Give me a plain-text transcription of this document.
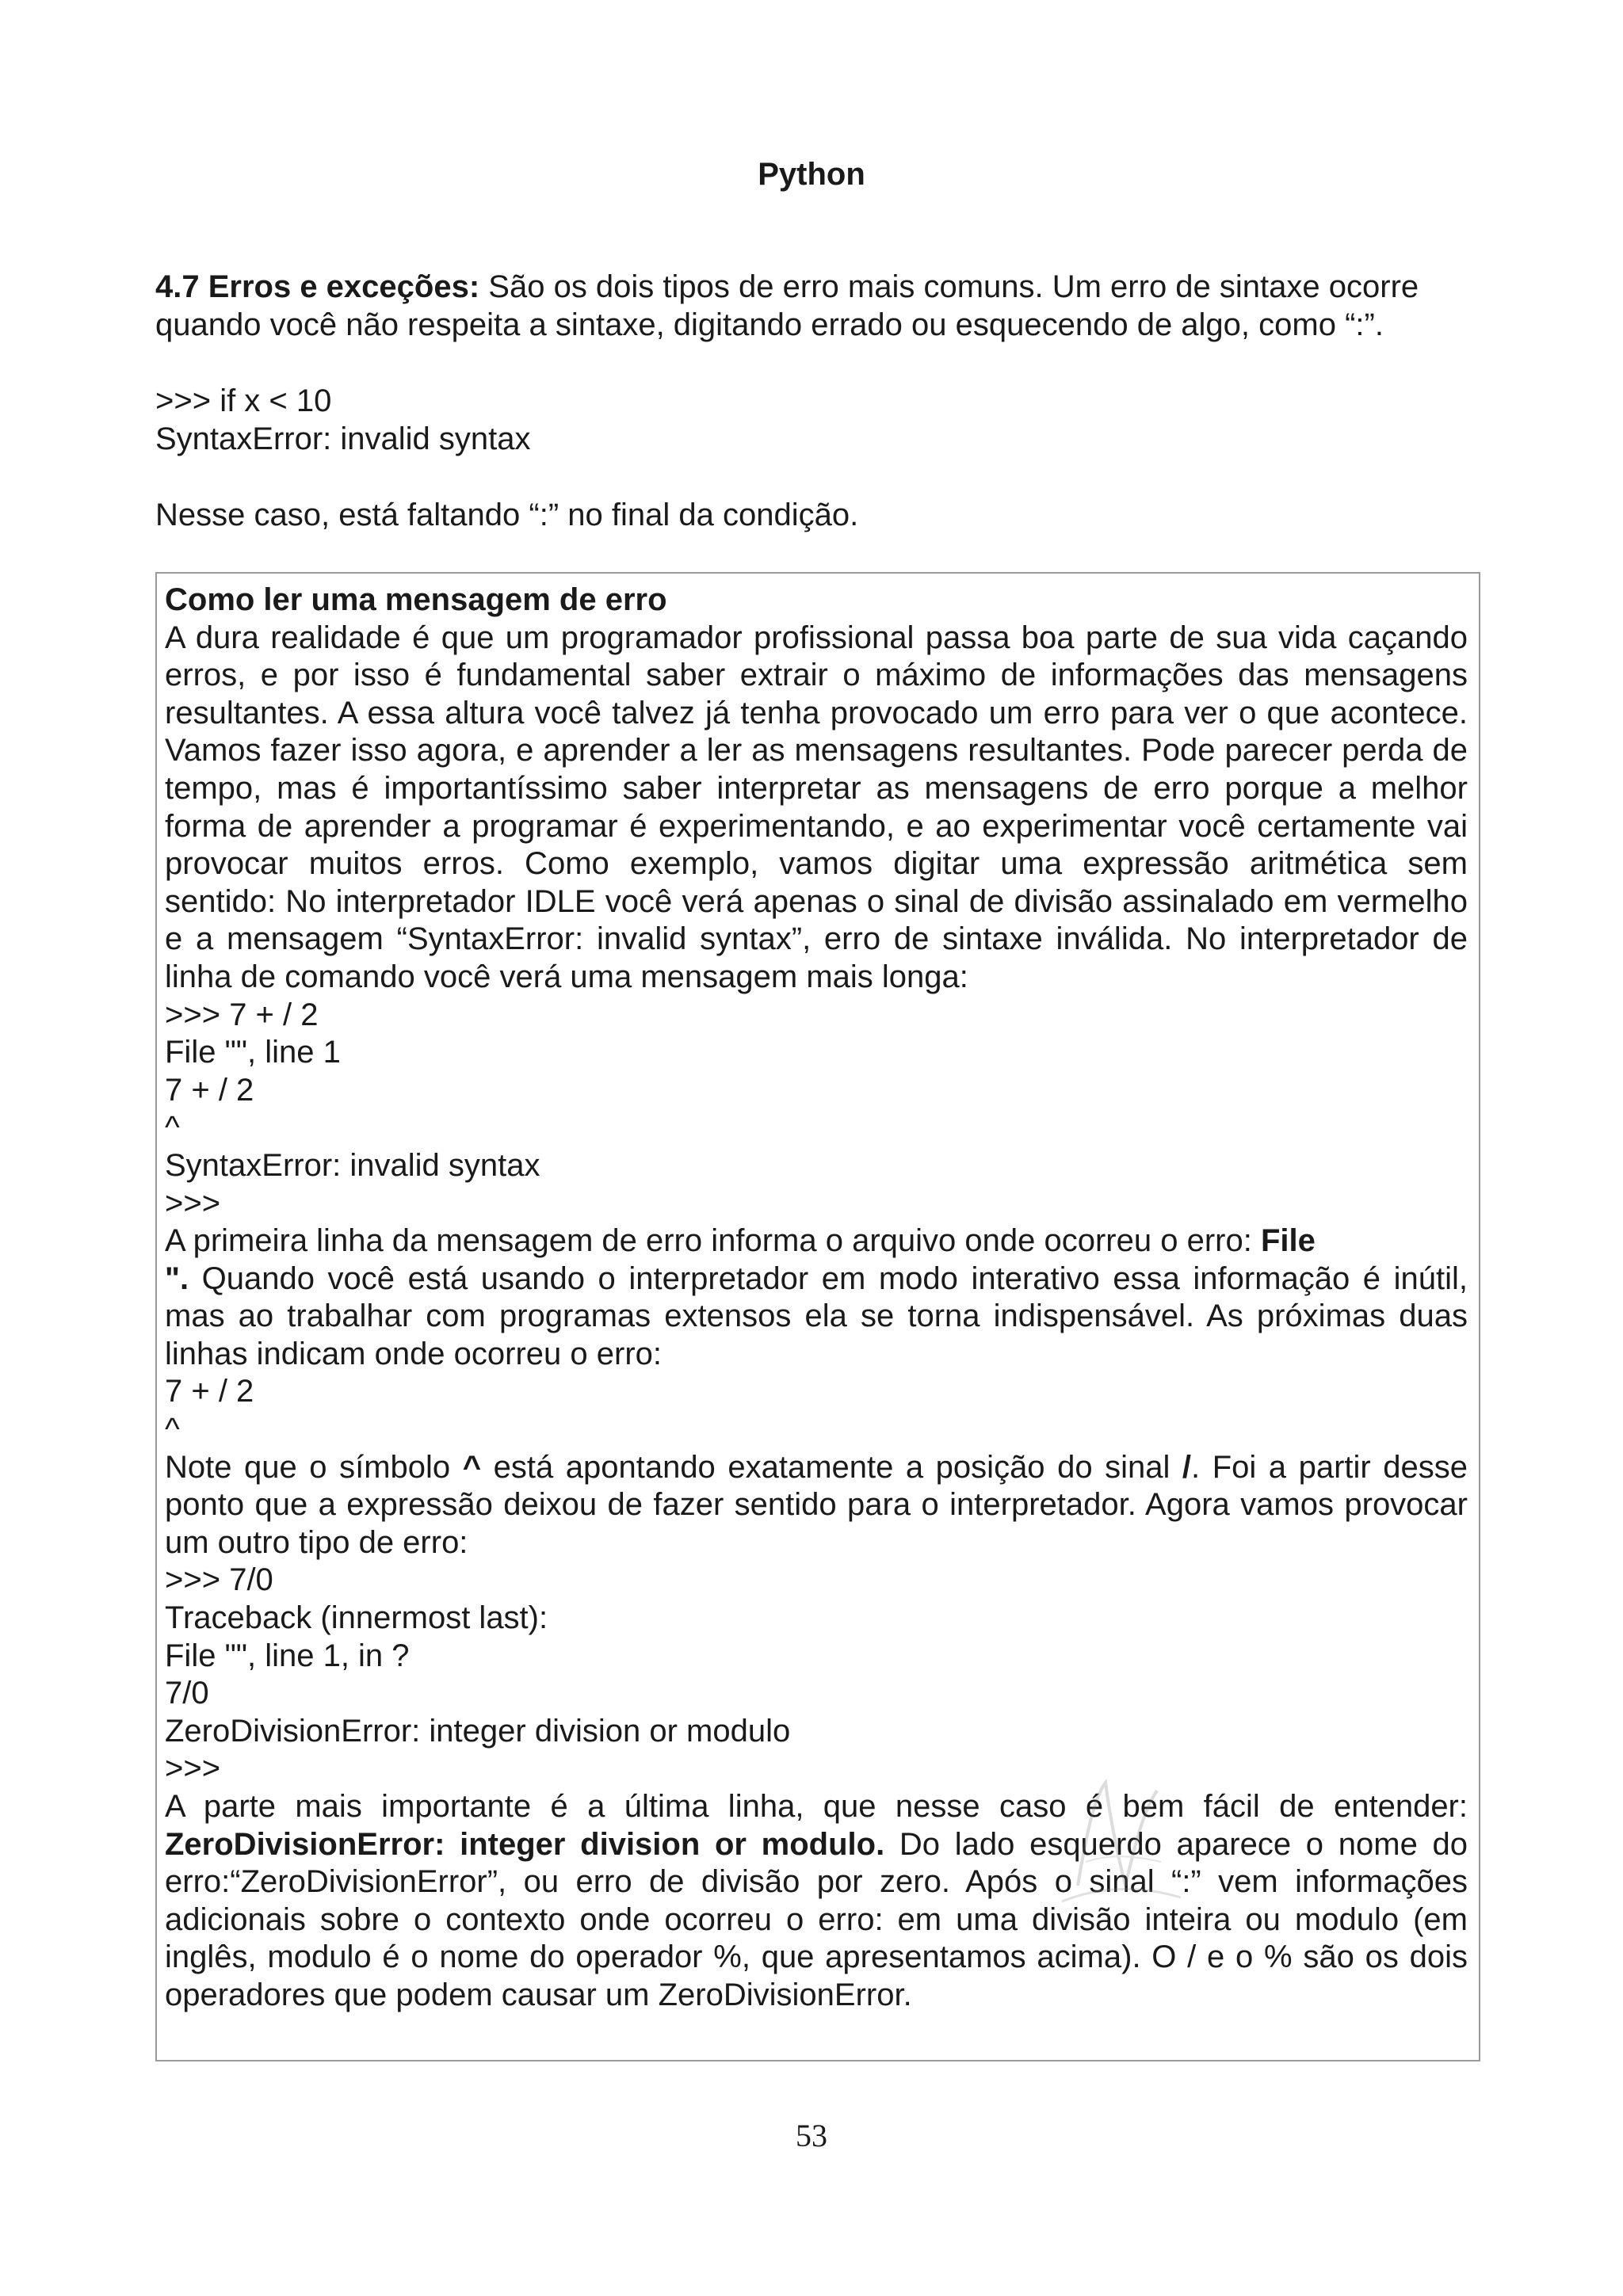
Python

4.7 Erros e exceções: São os dois tipos de erro mais comuns. Um erro de sintaxe ocorre quando você não respeita a sintaxe, digitando errado ou esquecendo de algo, como “:”.

>>> if x < 10

SyntaxError: invalid syntax

Nesse caso, está faltando “:” no final da condição.

Como ler uma mensagem de erro

A dura realidade é que um programador profissional passa boa parte de sua vida caçando erros, e por isso é fundamental saber extrair o máximo de informações das mensagens resultantes. A essa altura você talvez já tenha provocado um erro para ver o que acontece. Vamos fazer isso agora, e aprender a ler as mensagens resultantes. Pode parecer perda de tempo, mas é importantíssimo saber interpretar as mensagens de erro porque a melhor forma de aprender a programar é experimentando, e ao experimentar você certamente vai provocar muitos erros. Como exemplo, vamos digitar uma expressão aritmética sem sentido: No interpretador IDLE você verá apenas o sinal de divisão assinalado em vermelho e a mensagem “SyntaxError: invalid syntax”, erro de sintaxe inválida. No interpretador de linha de comando você verá uma mensagem mais longa:

>>> 7 + / 2

File "", line 1

7 + / 2

^

SyntaxError: invalid syntax

>>>

A primeira linha da mensagem de erro informa o arquivo onde ocorreu o erro: File
". Quando você está usando o interpretador em modo interativo essa informação é inútil, mas ao trabalhar com programas extensos ela se torna indispensável. As próximas duas linhas indicam onde ocorreu o erro:

7 + / 2

^

Note que o símbolo ^ está apontando exatamente a posição do sinal /. Foi a partir desse ponto que a expressão deixou de fazer sentido para o interpretador. Agora vamos provocar um outro tipo de erro:

>>> 7/0

Traceback (innermost last):

File "", line 1, in ?

7/0

ZeroDivisionError: integer division or modulo

>>>

A parte mais importante é a última linha, que nesse caso é bem fácil de entender: ZeroDivisionError: integer division or modulo. Do lado esquerdo aparece o nome do erro:“ZeroDivisionError”, ou erro de divisão por zero. Após o sinal “:” vem informações adicionais sobre o contexto onde ocorreu o erro: em uma divisão inteira ou modulo (em inglês, modulo é o nome do operador %, que apresentamos acima). O / e o % são os dois operadores que podem causar um ZeroDivisionError.

53
